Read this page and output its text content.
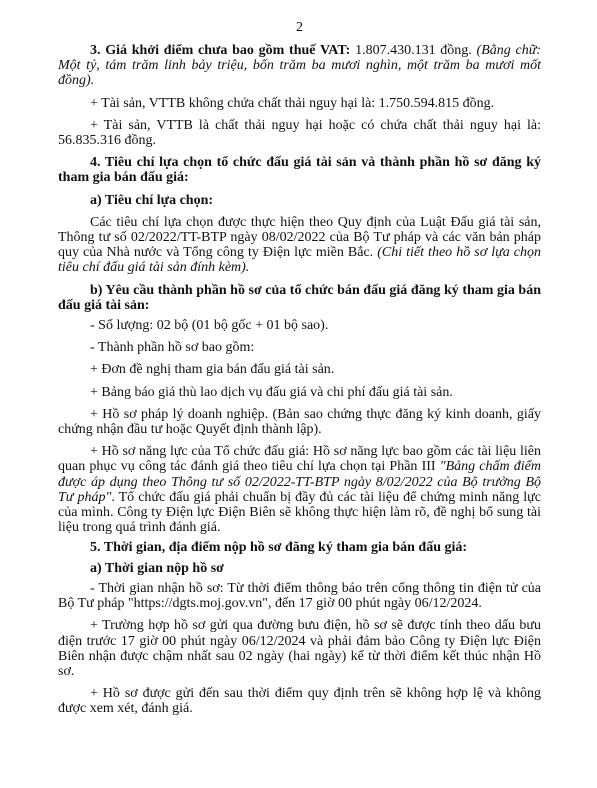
2

3. Giá khởi điểm chưa bao gồm thuế VAT: 1.807.430.131 đồng. (Bằng chữ: Một tỷ, tám trăm linh bảy triệu, bốn trăm ba mươi nghìn, một trăm ba mươi mốt đồng).

+ Tài sản, VTTB không chứa chất thải nguy hại là: 1.750.594.815 đồng.

+ Tài sản, VTTB là chất thải nguy hại hoặc có chứa chất thải nguy hại là: 56.835.316 đồng.

4. Tiêu chí lựa chọn tổ chức đấu giá tài sản và thành phần hồ sơ đăng ký tham gia bán đấu giá:

a) Tiêu chí lựa chọn:

Các tiêu chí lựa chọn được thực hiện theo Quy định của Luật Đấu giá tài sản, Thông tư số 02/2022/TT-BTP ngày 08/02/2022 của Bộ Tư pháp và các văn bản pháp quy của Nhà nước và Tổng công ty Điện lực miền Bắc. (Chi tiết theo hồ sơ lựa chọn tiêu chí đấu giá tài sản đính kèm).

b) Yêu cầu thành phần hồ sơ của tổ chức bán đấu giá đăng ký tham gia bán đấu giá tài sản:

- Số lượng: 02 bộ (01 bộ gốc + 01 bộ sao).

- Thành phần hồ sơ bao gồm:

+ Đơn đề nghị tham gia bán đấu giá tài sản.

+ Bảng báo giá thù lao dịch vụ đấu giá và chi phí đấu giá tài sản.

+ Hồ sơ pháp lý doanh nghiệp. (Bản sao chứng thực đăng ký kinh doanh, giấy chứng nhận đầu tư hoặc Quyết định thành lập).

+ Hồ sơ năng lực của Tổ chức đấu giá: Hồ sơ năng lực bao gồm các tài liệu liên quan phục vụ công tác đánh giá theo tiêu chí lựa chọn tại Phần III "Bảng chấm điểm được áp dụng theo Thông tư số 02/2022-TT-BTP ngày 8/02/2022 của Bộ trưởng Bộ Tư pháp". Tổ chức đấu giá phải chuẩn bị đầy đủ các tài liệu để chứng minh năng lực của mình. Công ty Điện lực Điện Biên sẽ không thực hiện làm rõ, đề nghị bổ sung tài liệu trong quá trình đánh giá.

5. Thời gian, địa điểm nộp hồ sơ đăng ký tham gia bán đấu giá:

a) Thời gian nộp hồ sơ

- Thời gian nhận hồ sơ: Từ thời điểm thông báo trên cổng thông tin điện tử của Bộ Tư pháp "https://dgts.moj.gov.vn", đến 17 giờ 00 phút ngày 06/12/2024.

+ Trường hợp hồ sơ gửi qua đường bưu điện, hồ sơ sẽ được tính theo dấu bưu điện trước 17 giờ 00 phút ngày 06/12/2024 và phải đảm bảo Công ty Điện lực Điện Biên nhận được chậm nhất sau 02 ngày (hai ngày) kể từ thời điểm kết thúc nhận Hồ sơ.

+ Hồ sơ được gửi đến sau thời điểm quy định trên sẽ không hợp lệ và không được xem xét, đánh giá.
